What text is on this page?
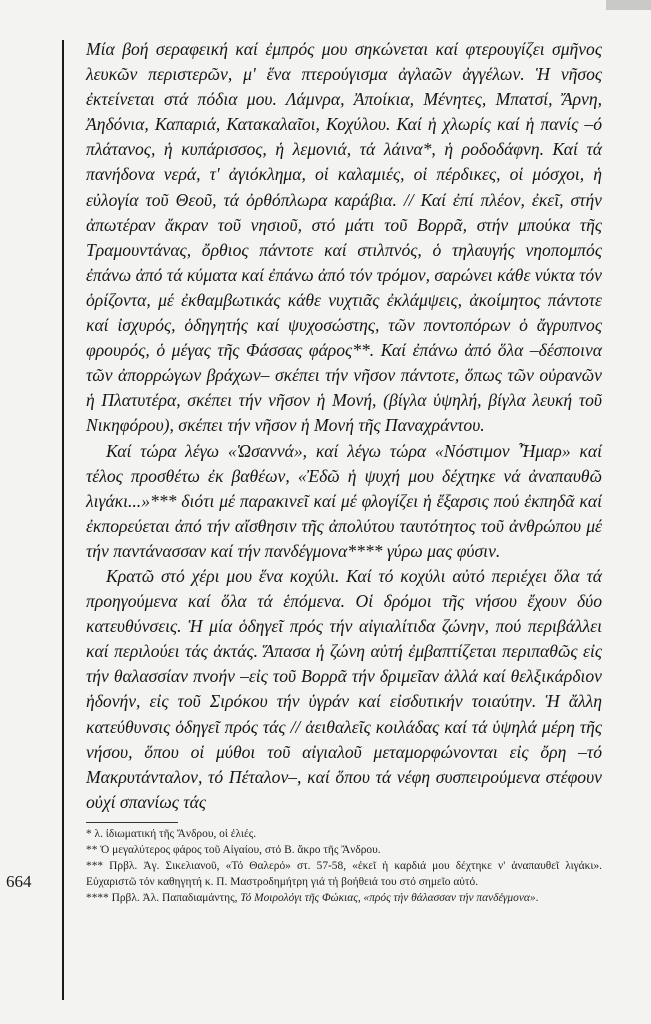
664

Μία βοή σεραφεική καί ἐμπρός μου σηκώνεται καί φτερουγίζει σμῆνος λευκῶν περιστερῶν, μ' ἕνα πτερούγισμα ἀγλαῶν ἀγγέλων. Ἡ νῆσος ἐκτείνεται στά πόδια μου. Λάμνρα, Ἀποίκια, Μένητες, Μπατσί, Ἄρνη, Ἀηδόνια, Καπαριά, Κατακαλαῖοι, Κοχύλου. Καί ἡ χλωρίς καί ἡ πανίς –ό πλάτανος, ἡ κυπάρισσος, ἡ λεμονιά, τά λάινα*, ἡ ροδοδάφνη. Καί τά πανήδονα νερά, τ' ἀγιόκλημα, οἱ καλαμιές, οἱ πέρδικες, οἱ μόσχοι, ἡ εὐλογία τοῦ Θεοῦ, τά ὀρθόπλωρα καράβια. // Καί ἐπί πλέον, ἐκεῖ, στήν ἀπωτέραν ἄκραν τοῦ νησιοῦ, στό μάτι τοῦ Βορρᾶ, στήν μπούκα τῆς Τραμουντάνας, ὄρθιος πάντοτε καί στιλπνός, ὁ τηλαυγής νηοπομπός ἐπάνω ἀπό τά κύματα καί ἐπάνω ἀπό τόν τρόμον, σαρώνει κάθε νύκτα τόν ὁρίζοντα, μέ ἐκθαμβωτικάς κάθε νυχτιᾶς ἐκλάμψεις, ἀκοίμητος πάντοτε καί ἰσχυρός, ὁδηγητής καί ψυχοσώστης, τῶν ποντοπόρων ὁ ἄγρυπνος φρουρός, ὁ μέγας τῆς Φάσσας φάρος**. Καί ἐπάνω ἀπό ὅλα –δέσποινα τῶν ἀπορρώγων βράχων– σκέπει τήν νῆσον πάντοτε, ὅπως τῶν οὐρανῶν ἡ Πλατυτέρα, σκέπει τήν νῆσον ἡ Μονή, (βίγλα ὑψηλή, βίγλα λευκή τοῦ Νικηφόρου), σκέπει τήν νῆσον ἡ Μονή τῆς Παναχράντου.

Καί τώρα λέγω «Ὡσαννά», καί λέγω τώρα «Νόστιμον Ἦμαρ» καί τέλος προσθέτω ἐκ βαθέων, «Ἐδῶ ἡ ψυχή μου δέχτηκε νά ἀναπαυθῶ λιγάκι...»*** διότι μέ παρακινεῖ καί μέ φλογίζει ἡ ἔξαρσις πού ἐκπηδᾶ καί ἐκπορεύεται ἀπό τήν αἴσθησιν τῆς ἀπολύτου ταυτότητος τοῦ ἀνθρώπου μέ τήν παντάνασσαν καί τήν πανδέγμονα**** γύρω μας φύσιν.

Κρατῶ στό χέρι μου ἕνα κοχύλι. Καί τό κοχύλι αὐτό περιέχει ὅλα τά προηγούμενα καί ὅλα τά ἑπόμενα. Οἱ δρόμοι τῆς νήσου ἔχουν δύο κατευθύνσεις. Ἡ μία ὁδηγεῖ πρός τήν αἰγιαλίτιδα ζώνην, πού περιβάλλει καί περιλούει τάς ἀκτάς. Ἅπασα ἡ ζώνη αὐτή ἐμβαπτίζεται περιπαθῶς εἰς τήν θαλασσίαν πνοήν –εἰς τοῦ Βορρᾶ τήν δριμεῖαν ἀλλά καί θελξικάρδιον ἡδονήν, εἰς τοῦ Σιρόκου τήν ὑγράν καί εἰσδυτικήν τοιαύτην. Ἡ ἄλλη κατεύθυνσις ὁδηγεῖ πρός τάς // ἀειθαλεῖς κοιλάδας καί τά ὑψηλά μέρη τῆς νήσου, ὅπου οἱ μύθοι τοῦ αἰγιαλοῦ μεταμορφώνονται εἰς ὄρη –τό Μακρυτάνταλον, τό Πέταλον–, καί ὅπου τά νέφη συσπειρούμενα στέφουν οὐχί σπανίως τάς

* λ. ἰδιωματική τῆς Ἄνδρου, οἱ ἐλιές.

** Ὁ μεγαλύτερος φάρος τοῦ Αἰγαίου, στό Β. ἄκρο τῆς Ἄνδρου.

*** Πρβλ. Ἀγ. Σικελιανοῦ, «Τό Θαλερό» στ. 57-58, «ἐκεῖ ἡ καρδιά μου δέχτηκε ν' ἀναπαυθεῖ λιγάκι». Εὐχαριστῶ τόν καθηγητή κ. Π. Μαστροδημήτρη γιά τή βοήθειά του στό σημεῖο αὐτό.

**** Πρβλ. Ἀλ. Παπαδιαμάντης, Τό Μοιρολόγι τῆς Φώκιας, «πρός τήν θάλασσαν τήν πανδέγμονα».
